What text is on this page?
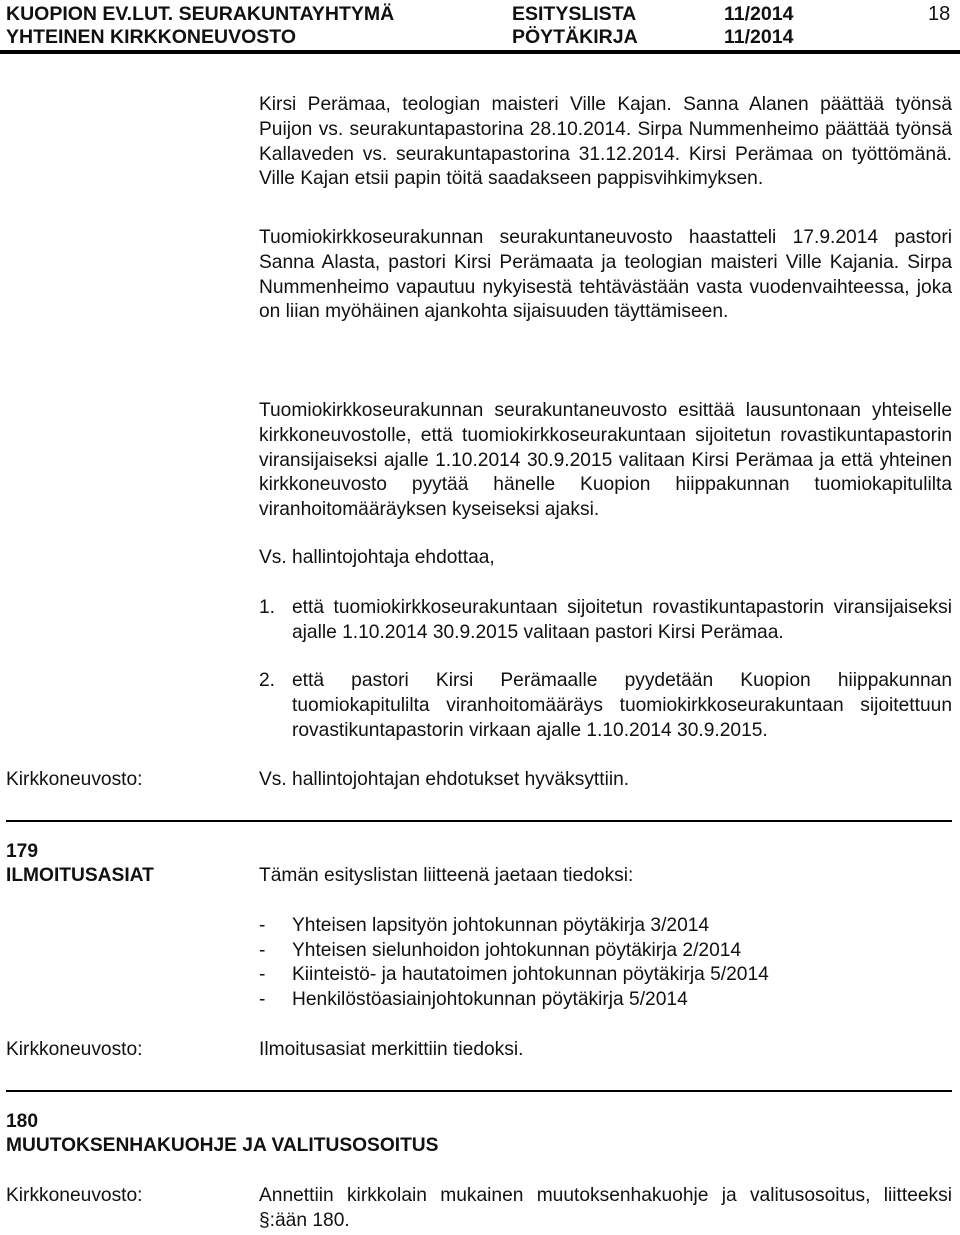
KUOPION EV.LUT. SEURAKUNTAYHTYMÄ
YHTEINEN KIRKKONEUVOSTO
ESITYSLISTA
PÖYTÄKIRJA
11/2014
11/2014
18

Kirsi Perämaa, teologian maisteri Ville Kajan. Sanna Alanen päättää työnsä Puijon vs. seurakuntapastorina 28.10.2014. Sirpa Nummenheimo päättää työnsä Kallaveden vs. seurakuntapastorina 31.12.2014. Kirsi Perämaa on työttömänä. Ville Kajan etsii papin töitä saadakseen pappisvihkimyksen.

Tuomiokirkkoseurakunnan seurakuntaneuvosto haastatteli 17.9.2014 pastori Sanna Alasta, pastori Kirsi Perämaata ja teologian maisteri Ville Kajania. Sirpa Nummenheimo vapautuu nykyisestä tehtävästään vasta vuodenvaihteessa, joka on liian myöhäinen ajankohta sijaisuuden täyttämiseen.

Tuomiokirkkoseurakunnan seurakuntaneuvosto esittää lausuntonaan yhteiselle kirkkoneuvostolle, että tuomiokirkkoseurakuntaan sijoitetun rovastikuntapastorin viransijaiseksi ajalle 1.10.2014 30.9.2015 valitaan Kirsi Perämaa ja että yhteinen kirkkoneuvosto pyytää hänelle Kuopion hiippakunnan tuomiokapitulilta viranhoitomääräyksen kyseiseksi ajaksi.

Vs. hallintojohtaja ehdottaa,

1. että tuomiokirkkoseurakuntaan sijoitetun rovastikuntapastorin viransijaiseksi ajalle 1.10.2014 30.9.2015 valitaan pastori Kirsi Perämaa.
2. että pastori Kirsi Perämaalle pyydetään Kuopion hiippakunnan tuomiokapitulilta viranhoitomääräys tuomiokirkkoseurakuntaan sijoitettuun rovastikuntapastorin virkaan ajalle 1.10.2014 30.9.2015.
Kirkkoneuvosto:	Vs. hallintojohtajan ehdotukset hyväksyttiin.

179
ILMOITUSASIAT	Tämän esityslistan liitteenä jaetaan tiedoksi:

- Yhteisen lapsityön johtokunnan pöytäkirja 3/2014
- Yhteisen sielunhoidon johtokunnan pöytäkirja 2/2014
- Kiinteistö- ja hautatoimen johtokunnan pöytäkirja 5/2014
- Henkilöstöasiainjohtokunnan pöytäkirja 5/2014
Kirkkoneuvosto:	Ilmoitusasiat merkittiin tiedoksi.

180
MUUTOKSENHAKUOHJE JA VALITUSOSOITUS
Kirkkoneuvosto:	Annettiin kirkkolain mukainen muutoksenhakuohje ja valitusosoitus, liitteeksi §:ään 180.
